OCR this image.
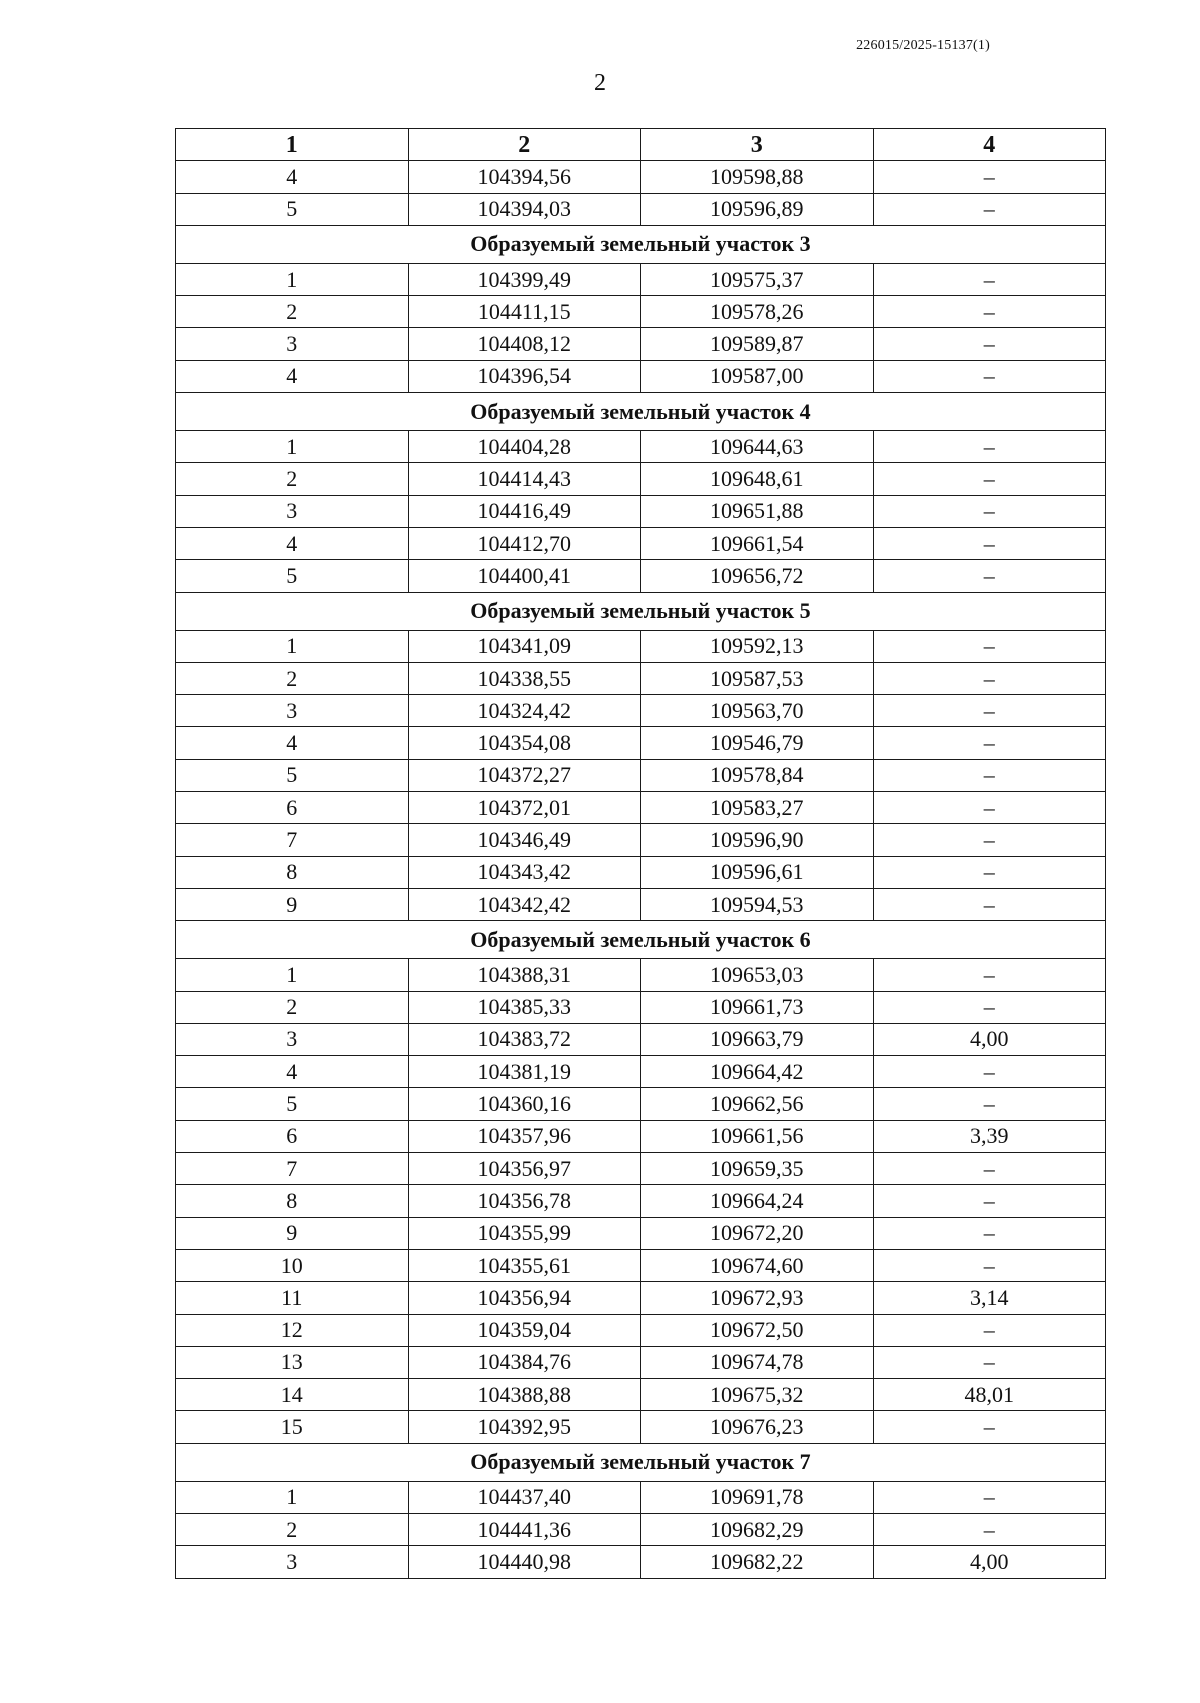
226015/2025-15137(1)
2
1	2	3	4
4	104394,56	109598,88	–
5	104394,03	109596,89	–
Образуемый земельный участок 3			
1	104399,49	109575,37	–
2	104411,15	109578,26	–
3	104408,12	109589,87	–
4	104396,54	109587,00	–
Образуемый земельный участок 4			
1	104404,28	109644,63	–
2	104414,43	109648,61	–
3	104416,49	109651,88	–
4	104412,70	109661,54	–
5	104400,41	109656,72	–
Образуемый земельный участок 5			
1	104341,09	109592,13	–
2	104338,55	109587,53	–
3	104324,42	109563,70	–
4	104354,08	109546,79	–
5	104372,27	109578,84	–
6	104372,01	109583,27	–
7	104346,49	109596,90	–
8	104343,42	109596,61	–
9	104342,42	109594,53	–
Образуемый земельный участок 6			
1	104388,31	109653,03	–
2	104385,33	109661,73	–
3	104383,72	109663,79	4,00
4	104381,19	109664,42	–
5	104360,16	109662,56	–
6	104357,96	109661,56	3,39
7	104356,97	109659,35	–
8	104356,78	109664,24	–
9	104355,99	109672,20	–
10	104355,61	109674,60	–
11	104356,94	109672,93	3,14
12	104359,04	109672,50	–
13	104384,76	109674,78	–
14	104388,88	109675,32	48,01
15	104392,95	109676,23	–
Образуемый земельный участок 7			
1	104437,40	109691,78	–
2	104441,36	109682,29	–
3	104440,98	109682,22	4,00
